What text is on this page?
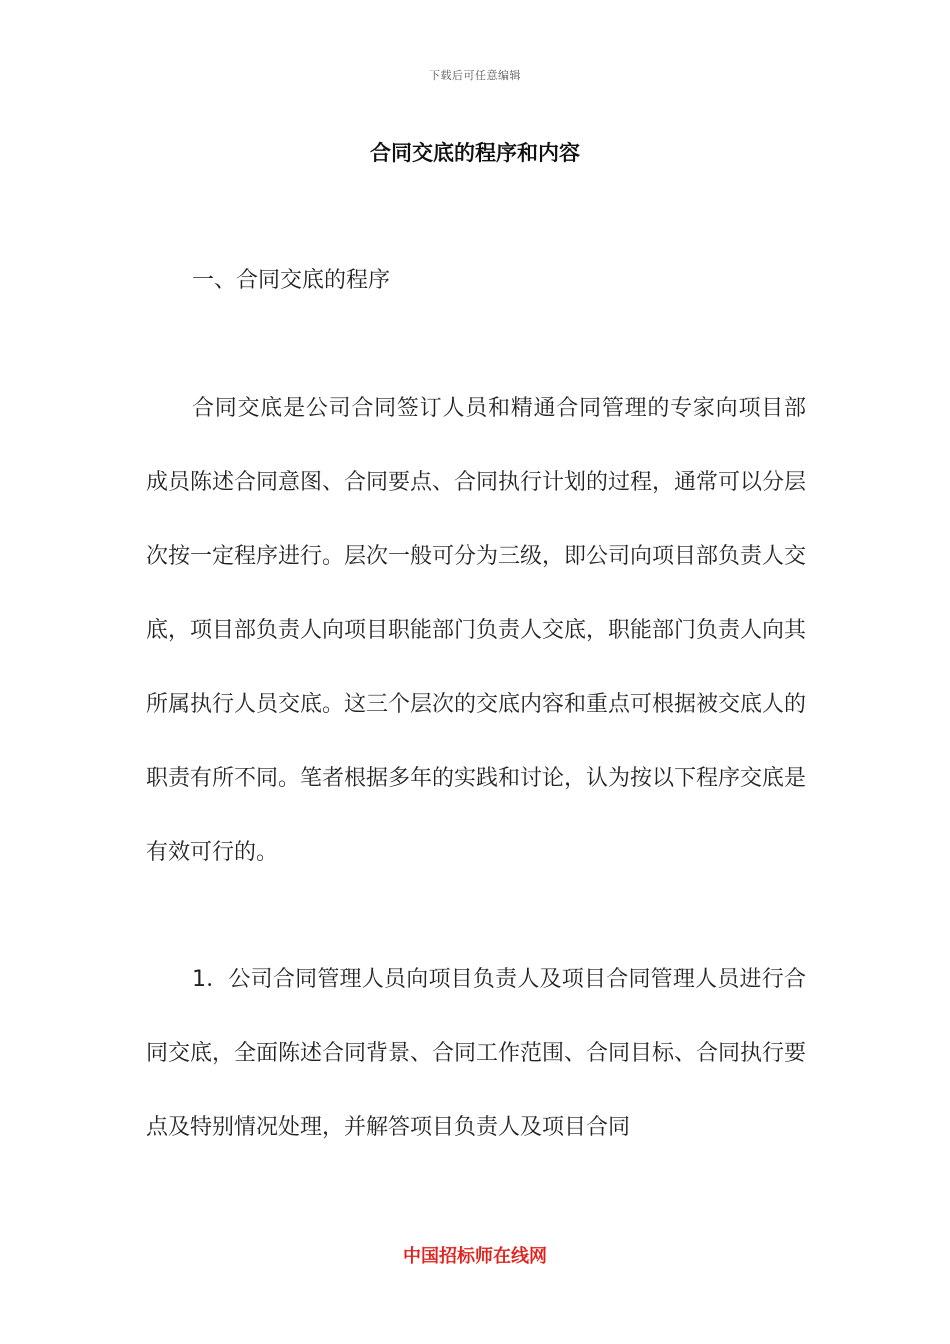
下载后可任意编辑
合同交底的程序和内容
一、合同交底的程序
合同交底是公司合同签订人员和精通合同管理的专家向项目部成员陈述合同意图、合同要点、合同执行计划的过程，通常可以分层次按一定程序进行。层次一般可分为三级，即公司向项目部负责人交底，项目部负责人向项目职能部门负责人交底，职能部门负责人向其所属执行人员交底。这三个层次的交底内容和重点可根据被交底人的职责有所不同。笔者根据多年的实践和讨论，认为按以下程序交底是有效可行的。
1．公司合同管理人员向项目负责人及项目合同管理人员进行合同交底，全面陈述合同背景、合同工作范围、合同目标、合同执行要点及特别情况处理，并解答项目负责人及项目合同
中国招标师在线网
